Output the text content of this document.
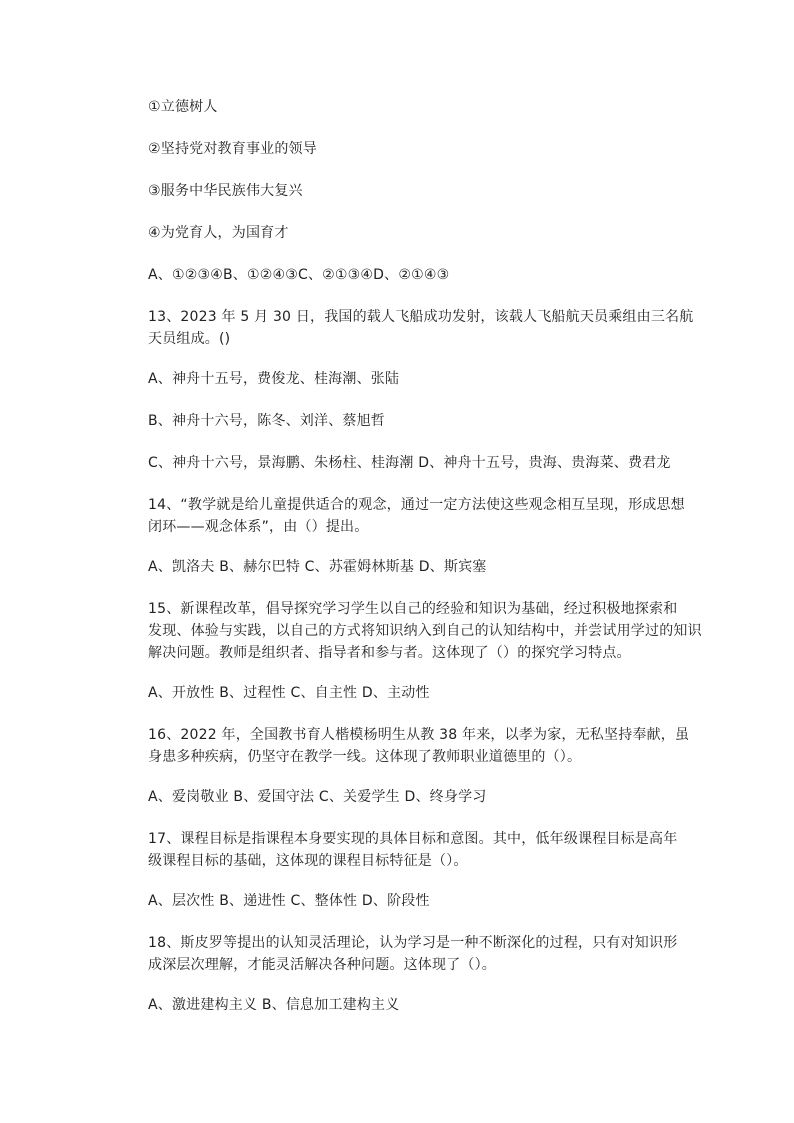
①立德树人
②坚持党对教育事业的领导
③服务中华民族伟大复兴
④为党育人，为国育才
A、①②③④B、①②④③C、②①③④D、②①④③
13、2023 年 5 月 30 日，我国的载人飞船成功发射，该载人飞船航天员乘组由三名航
天员组成。()
A、神舟十五号，费俊龙、桂海潮、张陆
B、神舟十六号，陈冬、刘洋、蔡旭哲
C、神舟十六号，景海鹏、朱杨柱、桂海潮 D、神舟十五号，贵海、贵海菜、费君龙
14、“教学就是给儿童提供适合的观念，通过一定方法使这些观念相互呈现，形成思想
闭环——观念体系”，由（）提出。
A、凯洛夫 B、赫尔巴特 C、苏霍姆林斯基 D、斯宾塞
15、新课程改革，倡导探究学习学生以自己的经验和知识为基础，经过积极地探索和
发现、体验与实践，以自己的方式将知识纳入到自己的认知结构中，并尝试用学过的知识
解决问题。教师是组织者、指导者和参与者。这体现了（）的探究学习特点。
A、开放性 B、过程性 C、自主性 D、主动性
16、2022 年，全国教书育人楷模杨明生从教 38 年来，以孝为家，无私坚持奉献，虽
身患多种疾病，仍坚守在教学一线。这体现了教师职业道德里的（）。
A、爱岗敬业 B、爱国守法 C、关爱学生 D、终身学习
17、课程目标是指课程本身要实现的具体目标和意图。其中，低年级课程目标是高年
级课程目标的基础，这体现的课程目标特征是（）。
A、层次性 B、递进性 C、整体性 D、阶段性
18、斯皮罗等提出的认知灵活理论，认为学习是一种不断深化的过程，只有对知识形
成深层次理解，才能灵活解决各种问题。这体现了（）。
A、激进建构主义 B、信息加工建构主义
